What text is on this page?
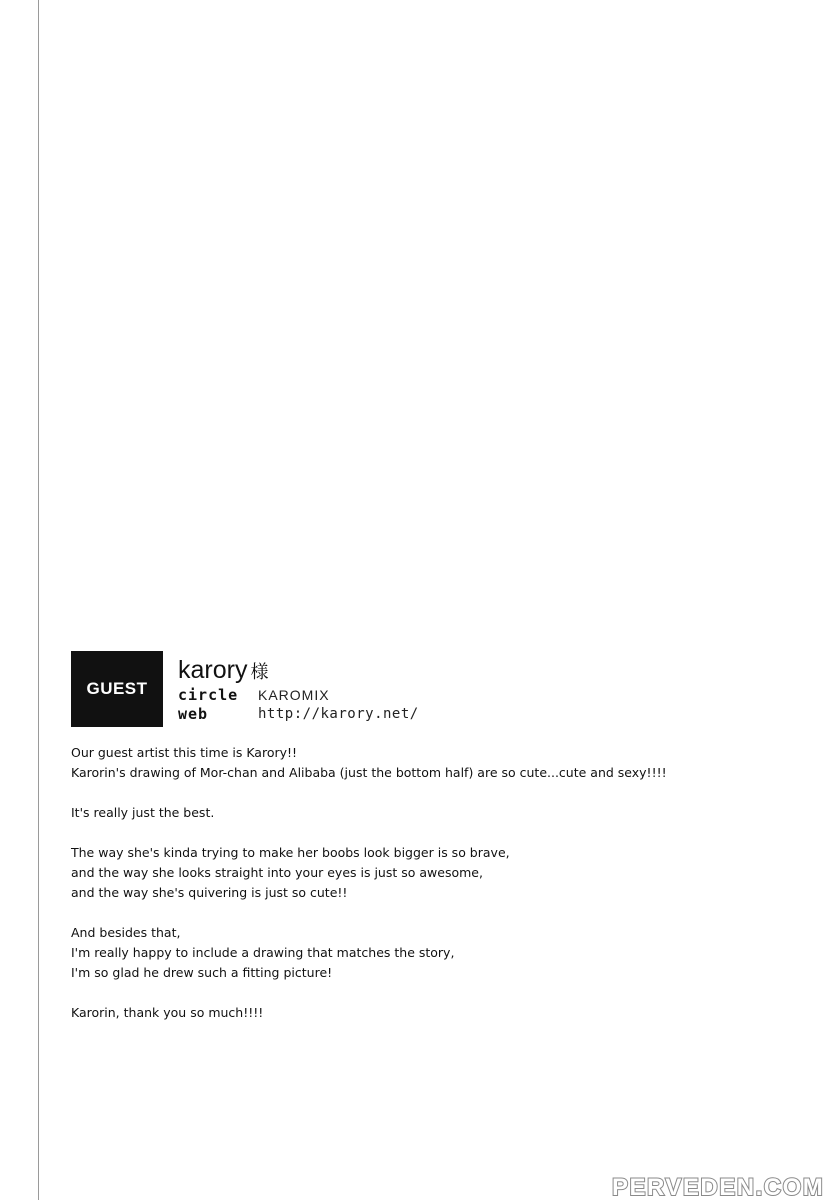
GUEST
karory 様
circle KAROMIX
web	http://karory.net/

Our guest artist this time is Karory!!
Karorin's drawing of Mor-chan and Alibaba (just the bottom half) are so cute...cute and sexy!!!!

It's really just the best.

The way she's kinda trying to make her boobs look bigger is so brave,
and the way she looks straight into your eyes is just so awesome,
and the way she's quivering is just so cute!!

And besides that,
I'm really happy to include a drawing that matches the story,
I'm so glad he drew such a fitting picture!

Karorin, thank you so much!!!!

PERVEDEN.COM
